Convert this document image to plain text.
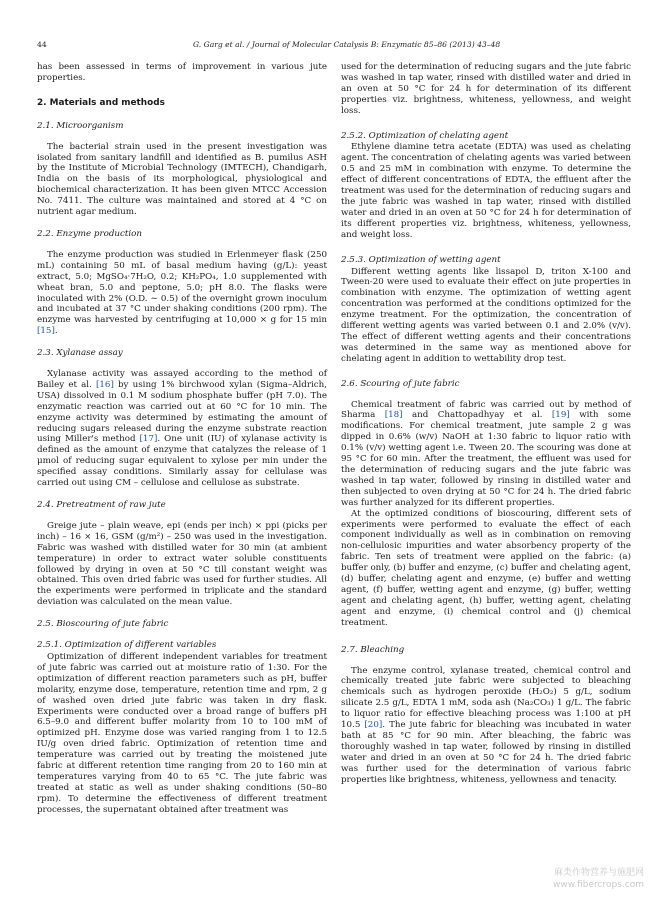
44	G. Garg et al. / Journal of Molecular Catalysis B: Enzymatic 85–86 (2013) 43–48

has been assessed in terms of improvement in various jute properties.

2. Materials and methods
2.1. Microorganism

The bacterial strain used in the present investigation was isolated from sanitary landfill and identified as B. pumilus ASH by the Institute of Microbial Technology (IMTECH), Chandigarh, India on the basis of its morphological, physiological and biochemical characterization. It has been given MTCC Accession No. 7411. The culture was maintained and stored at 4 °C on nutrient agar medium.

2.2. Enzyme production

The enzyme production was studied in Erlenmeyer flask (250 mL) containing 50 mL of basal medium having (g/L): yeast extract, 5.0; MgSO₄·7H₂O, 0.2; KH₂PO₄, 1.0 supplemented with wheat bran, 5.0 and peptone, 5.0; pH 8.0. The flasks were inoculated with 2% (O.D. ∼ 0.5) of the overnight grown inoculum and incubated at 37 °C under shaking conditions (200 rpm). The enzyme was harvested by centrifuging at 10,000 × g for 15 min [15].

2.3. Xylanase assay

Xylanase activity was assayed according to the method of Bailey et al. [16] by using 1% birchwood xylan (Sigma–Aldrich, USA) dissolved in 0.1 M sodium phosphate buffer (pH 7.0). The enzymatic reaction was carried out at 60 °C for 10 min. The enzyme activity was determined by estimating the amount of reducing sugars released during the enzyme substrate reaction using Miller's method [17]. One unit (IU) of xylanase activity is defined as the amount of enzyme that catalyzes the release of 1 μmol of reducing sugar equivalent to xylose per min under the specified assay conditions. Similarly assay for cellulase was carried out using CM – cellulose and cellulose as substrate.

2.4. Pretreatment of raw jute

Greige jute – plain weave, epi (ends per inch) × ppi (picks per inch) – 16 × 16, GSM (g/m²) – 250 was used in the investigation. Fabric was washed with distilled water for 30 min (at ambient temperature) in order to extract water soluble constituents followed by drying in oven at 50 °C till constant weight was obtained. This oven dried fabric was used for further studies. All the experiments were performed in triplicate and the standard deviation was calculated on the mean value.

2.5. Bioscouring of jute fabric
2.5.1. Optimization of different variables

Optimization of different independent variables for treatment of jute fabric was carried out at moisture ratio of 1:30. For the optimization of different reaction parameters such as pH, buffer molarity, enzyme dose, temperature, retention time and rpm, 2 g of washed oven dried jute fabric was taken in dry flask. Experiments were conducted over a broad range of buffers pH 6.5–9.0 and different buffer molarity from 10 to 100 mM of optimized pH. Enzyme dose was varied ranging from 1 to 12.5 IU/g oven dried fabric. Optimization of retention time and temperature was carried out by treating the moistened jute fabric at different retention time ranging from 20 to 160 min at temperatures varying from 40 to 65 °C. The jute fabric was treated at static as well as under shaking conditions (50–80 rpm). To determine the effectiveness of different treatment processes, the supernatant obtained after treatment was

used for the determination of reducing sugars and the jute fabric was washed in tap water, rinsed with distilled water and dried in an oven at 50 °C for 24 h for determination of its different properties viz. brightness, whiteness, yellowness, and weight loss.

2.5.2. Optimization of chelating agent

Ethylene diamine tetra acetate (EDTA) was used as chelating agent. The concentration of chelating agents was varied between 0.5 and 25 mM in combination with enzyme. To determine the effect of different concentrations of EDTA, the effluent after the treatment was used for the determination of reducing sugars and the jute fabric was washed in tap water, rinsed with distilled water and dried in an oven at 50 °C for 24 h for determination of its different properties viz. brightness, whiteness, yellowness, and weight loss.

2.5.3. Optimization of wetting agent

Different wetting agents like lissapol D, triton X-100 and Tween-20 were used to evaluate their effect on jute properties in combination with enzyme. The optimization of wetting agent concentration was performed at the conditions optimized for the enzyme treatment. For the optimization, the concentration of different wetting agents was varied between 0.1 and 2.0% (v/v). The effect of different wetting agents and their concentrations was determined in the same way as mentioned above for chelating agent in addition to wettability drop test.

2.6. Scouring of jute fabric

Chemical treatment of fabric was carried out by method of Sharma [18] and Chattopadhyay et al. [19] with some modifications. For chemical treatment, jute sample 2 g was dipped in 0.6% (w/v) NaOH at 1:30 fabric to liquor ratio with 0.1% (v/v) wetting agent i.e. Tween 20. The scouring was done at 95 °C for 60 min. After the treatment, the effluent was used for the determination of reducing sugars and the jute fabric was washed in tap water, followed by rinsing in distilled water and then subjected to oven drying at 50 °C for 24 h. The dried fabric was further analyzed for its different properties.

At the optimized conditions of bioscouring, different sets of experiments were performed to evaluate the effect of each component individually as well as in combination on removing non-cellulosic impurities and water absorbency property of the fabric. Ten sets of treatment were applied on the fabric: (a) buffer only, (b) buffer and enzyme, (c) buffer and chelating agent, (d) buffer, chelating agent and enzyme, (e) buffer and wetting agent, (f) buffer, wetting agent and enzyme, (g) buffer, wetting agent and chelating agent, (h) buffer, wetting agent, chelating agent and enzyme, (i) chemical control and (j) chemical treatment.

2.7. Bleaching

The enzyme control, xylanase treated, chemical control and chemically treated jute fabric were subjected to bleaching chemicals such as hydrogen peroxide (H₂O₂) 5 g/L, sodium silicate 2.5 g/L, EDTA 1 mM, soda ash (Na₂CO₃) 1 g/L. The fabric to liquor ratio for effective bleaching process was 1:100 at pH 10.5 [20]. The jute fabric for bleaching was incubated in water bath at 85 °C for 90 min. After bleaching, the fabric was thoroughly washed in tap water, followed by rinsing in distilled water and dried in an oven at 50 °C for 24 h. The dried fabric was further used for the determination of various fabric properties like brightness, whiteness, yellowness and tenacity.

麻类作物营养与施肥网
www.fibercrops.com
